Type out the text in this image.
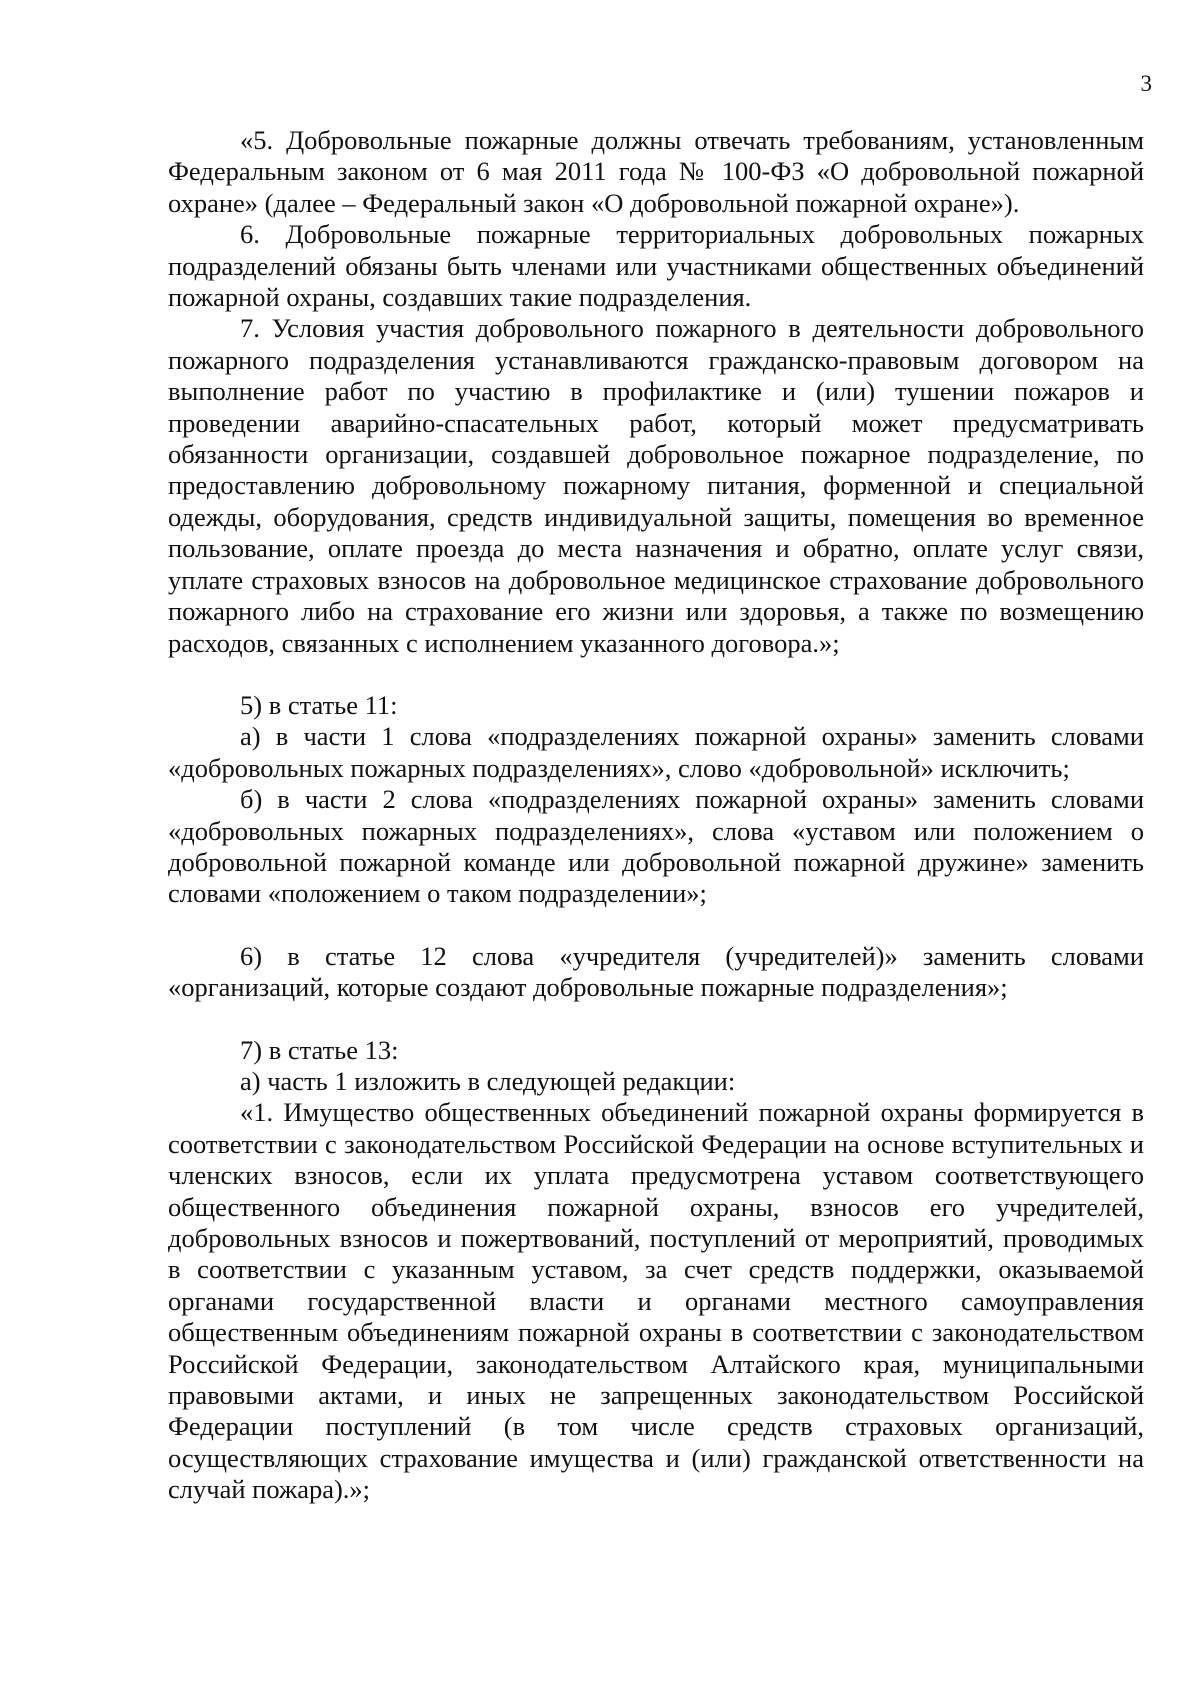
3

«5. Добровольные пожарные должны отвечать требованиям, установленным Федеральным законом от 6 мая 2011 года № 100-ФЗ «О добровольной пожарной охране» (далее – Федеральный закон «О добровольной пожарной охране»).

6. Добровольные пожарные территориальных добровольных пожарных подразделений обязаны быть членами или участниками общественных объединений пожарной охраны, создавших такие подразделения.

7. Условия участия добровольного пожарного в деятельности добровольного пожарного подразделения устанавливаются гражданско-правовым договором на выполнение работ по участию в профилактике и (или) тушении пожаров и проведении аварийно-спасательных работ, который может предусматривать обязанности организации, создавшей добровольное пожарное подразделение, по предоставлению добровольному пожарному питания, форменной и специальной одежды, оборудования, средств индивидуальной защиты, помещения во временное пользование, оплате проезда до места назначения и обратно, оплате услуг связи, уплате страховых взносов на добровольное медицинское страхование добровольного пожарного либо на страхование его жизни или здоровья, а также по возмещению расходов, связанных с исполнением указанного договора.»;

5) в статье 11:

а) в части 1 слова «подразделениях пожарной охраны» заменить словами «добровольных пожарных подразделениях», слово «добровольной» исключить;

б) в части 2 слова «подразделениях пожарной охраны» заменить словами «добровольных пожарных подразделениях», слова «уставом или положением о добровольной пожарной команде или добровольной пожарной дружине» заменить словами «положением о таком подразделении»;

6) в статье 12 слова «учредителя (учредителей)» заменить словами «организаций, которые создают добровольные пожарные подразделения»;

7) в статье 13:

а) часть 1 изложить в следующей редакции:

«1. Имущество общественных объединений пожарной охраны формируется в соответствии с законодательством Российской Федерации на основе вступительных и членских взносов, если их уплата предусмотрена уставом соответствующего общественного объединения пожарной охраны, взносов его учредителей, добровольных взносов и пожертвований, поступлений от мероприятий, проводимых в соответствии с указанным уставом, за счет средств поддержки, оказываемой органами государственной власти и органами местного самоуправления общественным объединениям пожарной охраны в соответствии с законодательством Российской Федерации, законодательством Алтайского края, муниципальными правовыми актами, и иных не запрещенных законодательством Российской Федерации поступлений (в том числе средств страховых организаций, осуществляющих страхование имущества и (или) гражданской ответственности на случай пожара).»;
